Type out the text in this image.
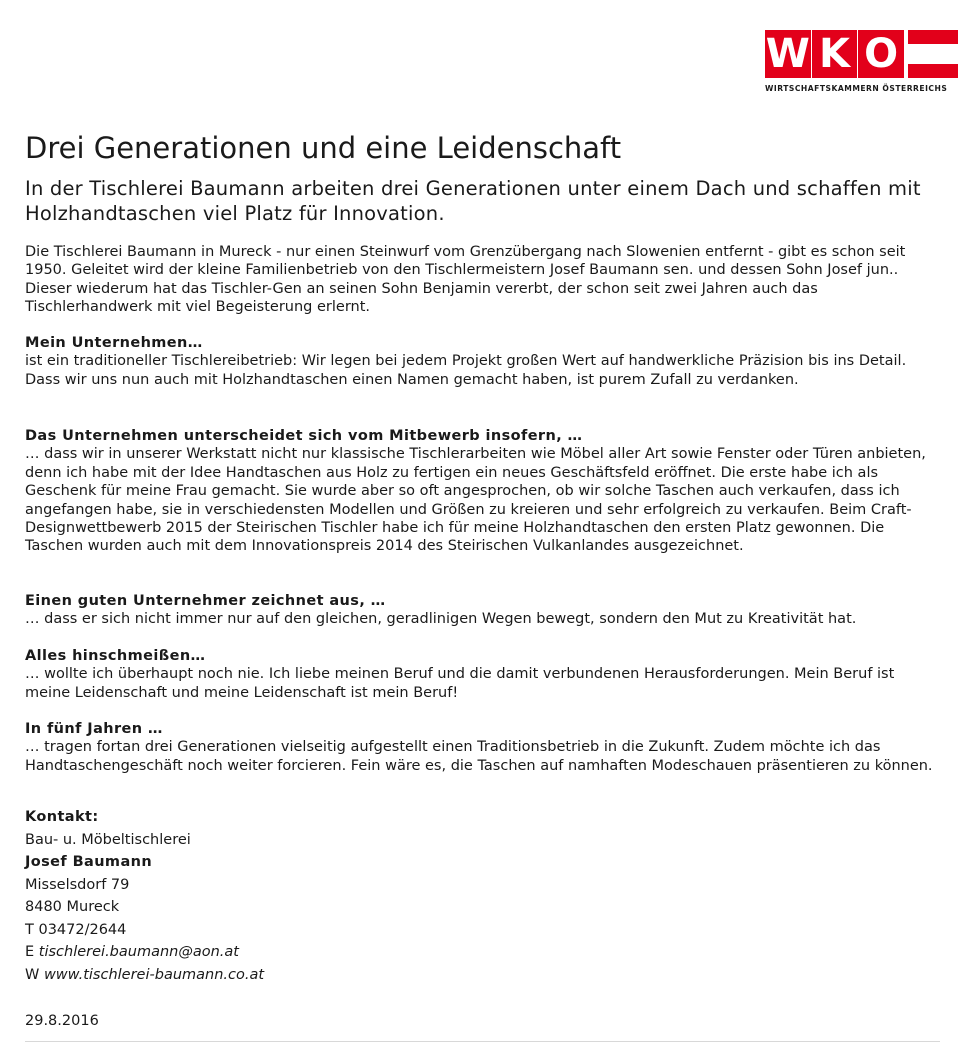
W K O
WIRTSCHAFTSKAMMERN ÖSTERREICHS
Drei Generationen und eine Leidenschaft

In der Tischlerei Baumann arbeiten drei Generationen unter einem Dach und schaffen mit Holzhandtaschen viel Platz für Innovation.

Die Tischlerei Baumann in Mureck - nur einen Steinwurf vom Grenzübergang nach Slowenien entfernt - gibt es schon seit 1950. Geleitet wird der kleine Familienbetrieb von den Tischlermeistern Josef Baumann sen. und dessen Sohn Josef jun.. Dieser wiederum hat das Tischler-Gen an seinen Sohn Benjamin vererbt, der schon seit zwei Jahren auch das Tischlerhandwerk mit viel Begeisterung erlernt.

Mein Unternehmen…

ist ein traditioneller Tischlereibetrieb: Wir legen bei jedem Projekt großen Wert auf handwerkliche Präzision bis ins Detail. Dass wir uns nun auch mit Holzhandtaschen einen Namen gemacht haben, ist purem Zufall zu verdanken.

Das Unternehmen unterscheidet sich vom Mitbewerb insofern, …

… dass wir in unserer Werkstatt nicht nur klassische Tischlerarbeiten wie Möbel aller Art sowie Fenster oder Türen anbieten, denn ich habe mit der Idee Handtaschen aus Holz zu fertigen ein neues Geschäftsfeld eröffnet. Die erste habe ich als Geschenk für meine Frau gemacht. Sie wurde aber so oft angesprochen, ob wir solche Taschen auch verkaufen, dass ich angefangen habe, sie in verschiedensten Modellen und Größen zu kreieren und sehr erfolgreich zu verkaufen. Beim Craft-Designwettbewerb 2015 der Steirischen Tischler habe ich für meine Holzhandtaschen den ersten Platz gewonnen. Die Taschen wurden auch mit dem Innovationspreis 2014 des Steirischen Vulkanlandes ausgezeichnet.

Einen guten Unternehmer zeichnet aus, …

… dass er sich nicht immer nur auf den gleichen, geradlinigen Wegen bewegt, sondern den Mut zu Kreativität hat.

Alles hinschmeißen…

… wollte ich überhaupt noch nie. Ich liebe meinen Beruf und die damit verbundenen Herausforderungen. Mein Beruf ist meine Leidenschaft und meine Leidenschaft ist mein Beruf!

In fünf Jahren …

… tragen fortan drei Generationen vielseitig aufgestellt einen Traditionsbetrieb in die Zukunft. Zudem möchte ich das Handtaschengeschäft noch weiter forcieren. Fein wäre es, die Taschen auf namhaften Modeschauen präsentieren zu können.

Kontakt:
Bau- u. Möbeltischlerei
Josef Baumann
Misselsdorf 79
8480 Mureck
T 03472/2644
E tischlerei.baumann@aon.at
W www.tischlerei-baumann.co.at
29.8.2016
